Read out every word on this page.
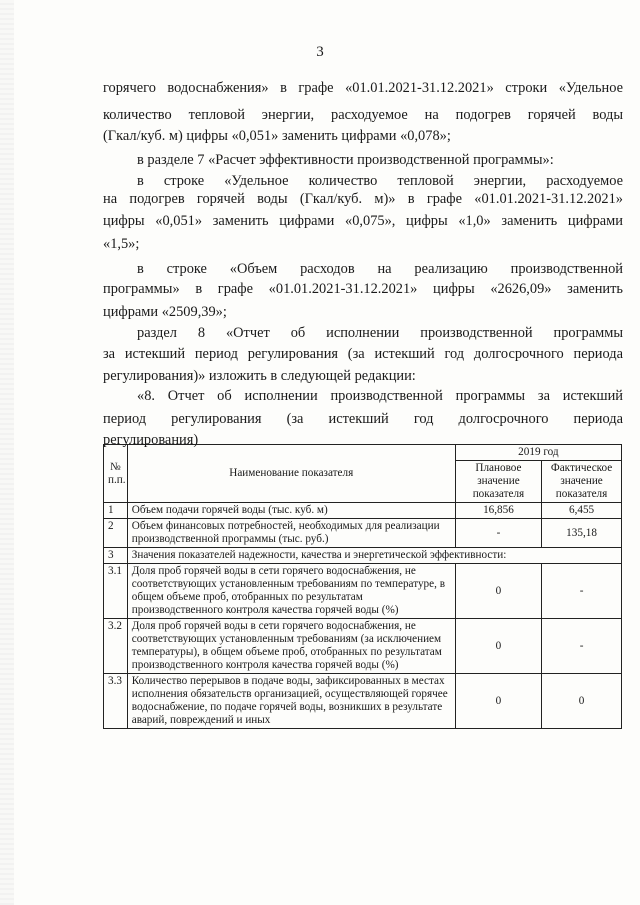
3
горячего водоснабжения» в графе «01.01.2021-31.12.2021» строки «Удельное
количество тепловой энергии, расходуемое на подогрев горячей воды
(Гкал/куб. м) цифры «0,051» заменить цифрами «0,078»;
в разделе 7 «Расчет эффективности производственной программы»:
в строке «Удельное количество тепловой энергии, расходуемое
на подогрев горячей воды (Гкал/куб. м)» в графе «01.01.2021-31.12.2021»
цифры «0,051» заменить цифрами «0,075», цифры «1,0» заменить цифрами
«1,5»;
в строке «Объем расходов на реализацию производственной
программы» в графе «01.01.2021-31.12.2021» цифры «2626,09» заменить
цифрами «2509,39»;
раздел 8 «Отчет об исполнении производственной программы
за истекший период регулирования (за истекший год долгосрочного периода
регулирования)» изложить в следующей редакции:
«8. Отчет об исполнении производственной программы за истекший
период регулирования (за истекший год долгосрочного периода
регулирования)
№ п.п.	Наименование показателя	2019 год	
		Плановое значение показателя	Фактическое значение показателя
1	Объем подачи горячей воды (тыс. куб. м)	16,856	6,455
2	Объем финансовых потребностей, необходимых для реализации производственной программы (тыс. руб.)	-	135,18
3	Значения показателей надежности, качества и энергетической эффективности:		
3.1	Доля проб горячей воды в сети горячего водоснабжения, не соответствующих установленным требованиям по температуре, в общем объеме проб, отобранных по результатам производственного контроля качества горячей воды (%)	0	-
3.2	Доля проб горячей воды в сети горячего водоснабжения, не соответствующих установленным требованиям (за исключением температуры), в общем объеме проб, отобранных по результатам производственного контроля качества горячей воды (%)	0	-
3.3	Количество перерывов в подаче воды, зафиксированных в местах исполнения обязательств организацией, осуществляющей горячее водоснабжение, по подаче горячей воды, возникших в результате аварий, повреждений и иных	0	0
